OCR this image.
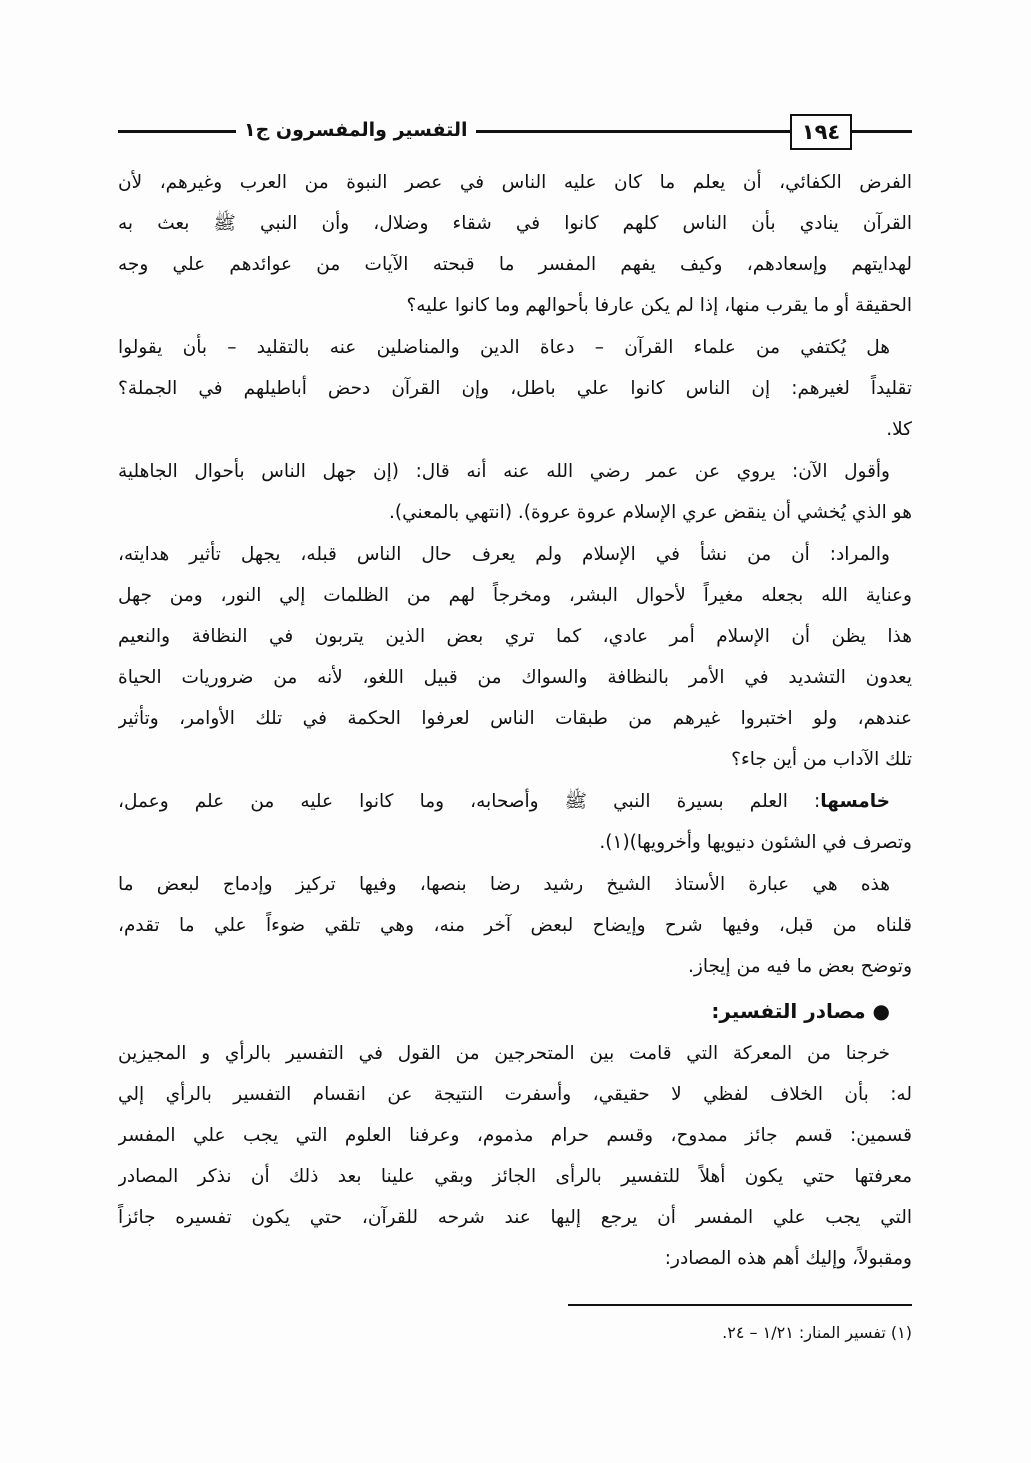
١٩٤
التفسير والمفسرون ج١
الفرض الكفائي، أن يعلم ما كان عليه الناس في عصر النبوة من العرب وغيرهم، لأن
القرآن ينادي بأن الناس كلهم كانوا في شقاء وضلال، وأن النبي ﷺ بعث به
لهدايتهم وإسعادهم، وكيف يفهم المفسر ما قبحته الآيات من عوائدهم علي وجه
الحقيقة أو ما يقرب منها، إذا لم يكن عارفا بأحوالهم وما كانوا عليه؟
هل يُكتفي من علماء القرآن – دعاة الدين والمناضلين عنه بالتقليد – بأن يقولوا
تقليداً لغيرهم: إن الناس كانوا علي باطل، وإن القرآن دحض أباطيلهم في الجملة؟
كلا.
وأقول الآن: يروي عن عمر رضي الله عنه أنه قال: (إن جهل الناس بأحوال الجاهلية
هو الذي يُخشي أن ينقض عري الإسلام عروة عروة). (انتهي بالمعني).
والمراد: أن من نشأ في الإسلام ولم يعرف حال الناس قبله، يجهل تأثير هدايته،
وعناية الله بجعله مغيراً لأحوال البشر، ومخرجاً لهم من الظلمات إلي النور، ومن جهل
هذا يظن أن الإسلام أمر عادي، كما تري بعض الذين يتربون في النظافة والنعيم
يعدون التشديد في الأمر بالنظافة والسواك من قبيل اللغو، لأنه من ضروريات الحياة
عندهم، ولو اختبروا غيرهم من طبقات الناس لعرفوا الحكمة في تلك الأوامر، وتأثير
تلك الآداب من أين جاء؟
خامسها: العلم بسيرة النبي ﷺ وأصحابه، وما كانوا عليه من علم وعمل،
وتصرف في الشئون دنيويها وأخرويها)(١).
هذه هي عبارة الأستاذ الشيخ رشيد رضا بنصها، وفيها تركيز وإدماج لبعض ما
قلناه من قبل، وفيها شرح وإيضاح لبعض آخر منه، وهي تلقي ضوءاً علي ما تقدم،
وتوضح بعض ما فيه من إيجاز.
● مصادر التفسير:
خرجنا من المعركة التي قامت بين المتحرجين من القول في التفسير بالرأي و المجيزين
له: بأن الخلاف لفظي لا حقيقي، وأسفرت النتيجة عن انقسام التفسير بالرأي إلي
قسمين: قسم جائز ممدوح، وقسم حرام مذموم، وعرفنا العلوم التي يجب علي المفسر
معرفتها حتي يكون أهلاً للتفسير بالرأى الجائز وبقي علينا بعد ذلك أن نذكر المصادر
التي يجب علي المفسر أن يرجع إليها عند شرحه للقرآن، حتي يكون تفسيره جائزاً
ومقبولاً، وإليك أهم هذه المصادر:
(١) تفسير المنار: ١/٢١ – ٢٤.
